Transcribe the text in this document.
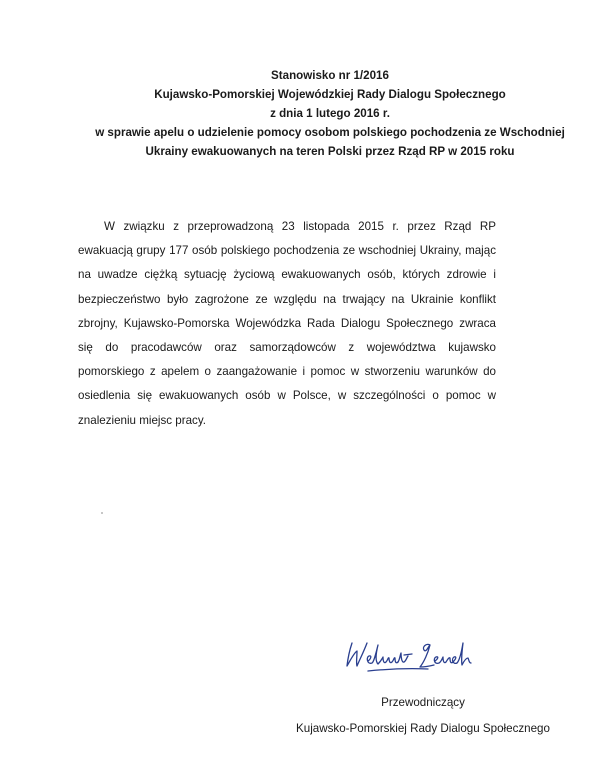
Stanowisko nr 1/2016
Kujawsko-Pomorskiej Wojewódzkiej Rady Dialogu Społecznego
z dnia 1 lutego 2016 r.
w sprawie apelu o udzielenie pomocy osobom polskiego pochodzenia ze Wschodniej
Ukrainy ewakuowanych na teren Polski przez Rząd RP w 2015 roku

W związku z przeprowadzoną 23 listopada 2015 r. przez Rząd RP ewakuacją grupy 177 osób polskiego pochodzenia ze wschodniej Ukrainy, mając na uwadze ciężką sytuację życiową ewakuowanych osób, których zdrowie i bezpieczeństwo było zagrożone ze względu na trwający na Ukrainie konflikt zbrojny, Kujawsko-Pomorska Wojewódzka Rada Dialogu Społecznego zwraca się do pracodawców oraz samorządowców z województwa kujawsko pomorskiego z apelem o zaangażowanie i pomoc w stworzeniu warunków do osiedlenia się ewakuowanych osób w Polsce, w szczególności o pomoc w znalezieniu miejsc pracy.

Przewodniczący
Kujawsko-Pomorskiej Rady Dialogu Społecznego
